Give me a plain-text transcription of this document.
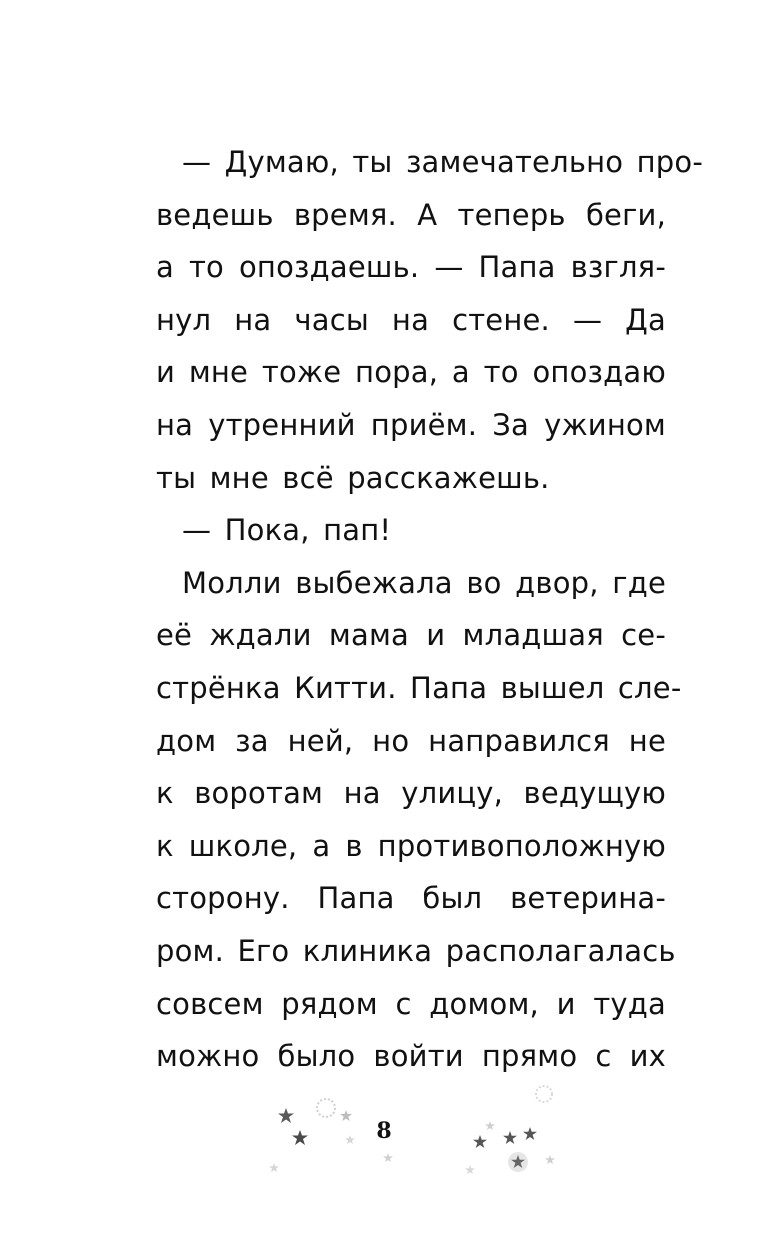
— Думаю, ты замечательно про-
ведешь время. А теперь беги,
а то опоздаешь. — Папа взгля-
нул на часы на стене. — Да
и мне тоже пора, а то опоздаю
на утренний приём. За ужином
ты мне всё расскажешь.
— Пока, пап!
Молли выбежала во двор, где
её ждали мама и младшая се-
стрёнка Китти. Папа вышел сле-
дом за ней, но направился не
к воротам на улицу, ведущую
к школе, а в противоположную
сторону. Папа был ветерина-
ром. Его клиника располагалась
совсем рядом с домом, и туда
можно было войти прямо с их
8
